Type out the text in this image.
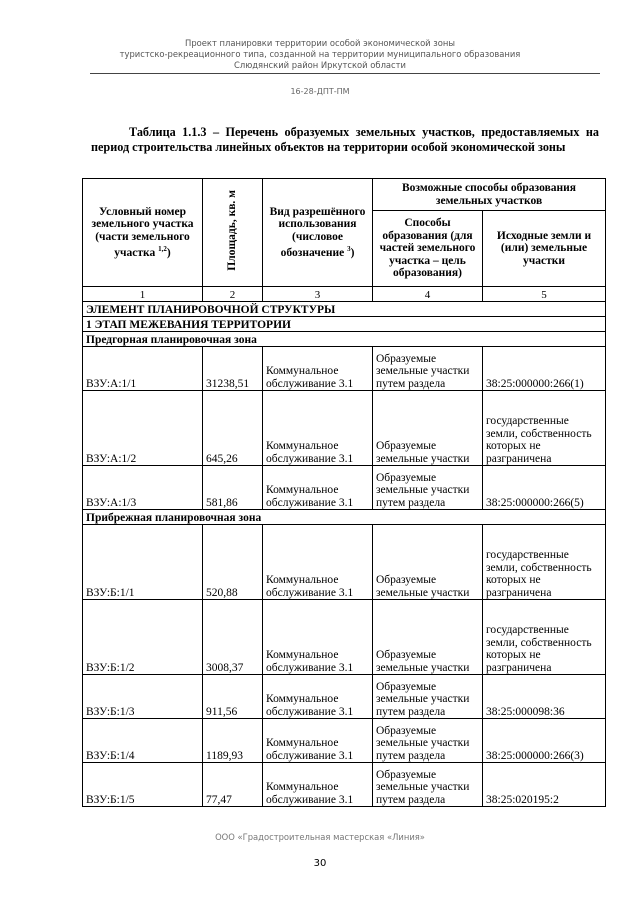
Проект планировки территории особой экономической зоны
туристско-рекреационного типа, созданной на территории муниципального образования
Слюдянский район Иркутской области
16-28-ДПТ-ПМ
Таблица 1.1.3 – Перечень образуемых земельных участков, предоставляемых на период строительства линейных объектов на территории особой экономической зоны
Условный номер земельного участка (части земельного участка $^{1,2}$)	Площадь, кв. м	Вид разрешённого использования (числовое обозначение $^3$)	Возможные способы образования земельных участков	
			Способы образования (для частей земельного участка – цель образования)	Исходные земли и (или) земельные участки
1	2	3	4	5
ЭЛЕМЕНТ ПЛАНИРОВОЧНОЙ СТРУКТУРЫ				
1 ЭТАП МЕЖЕВАНИЯ ТЕРРИТОРИИ				
Предгорная планировочная зона				
ВЗУ:А:1/1	31238,51	Коммунальное обслуживание 3.1	Образуемые земельные участки путем раздела	38:25:000000:266(1)
ВЗУ:А:1/2	645,26	Коммунальное обслуживание 3.1	Образуемые земельные участки	государственные земли, собственность которых не разграничена
ВЗУ:А:1/3	581,86	Коммунальное обслуживание 3.1	Образуемые земельные участки путем раздела	38:25:000000:266(5)
Прибрежная планировочная зона				
ВЗУ:Б:1/1	520,88	Коммунальное обслуживание 3.1	Образуемые земельные участки	государственные земли, собственность которых не разграничена
ВЗУ:Б:1/2	3008,37	Коммунальное обслуживание 3.1	Образуемые земельные участки	государственные земли, собственность которых не разграничена
ВЗУ:Б:1/3	911,56	Коммунальное обслуживание 3.1	Образуемые земельные участки путем раздела	38:25:000098:36
ВЗУ:Б:1/4	1189,93	Коммунальное обслуживание 3.1	Образуемые земельные участки путем раздела	38:25:000000:266(3)
ВЗУ:Б:1/5	77,47	Коммунальное обслуживание 3.1	Образуемые земельные участки путем раздела	38:25:020195:2
ООО «Градостроительная мастерская «Линия»
30
